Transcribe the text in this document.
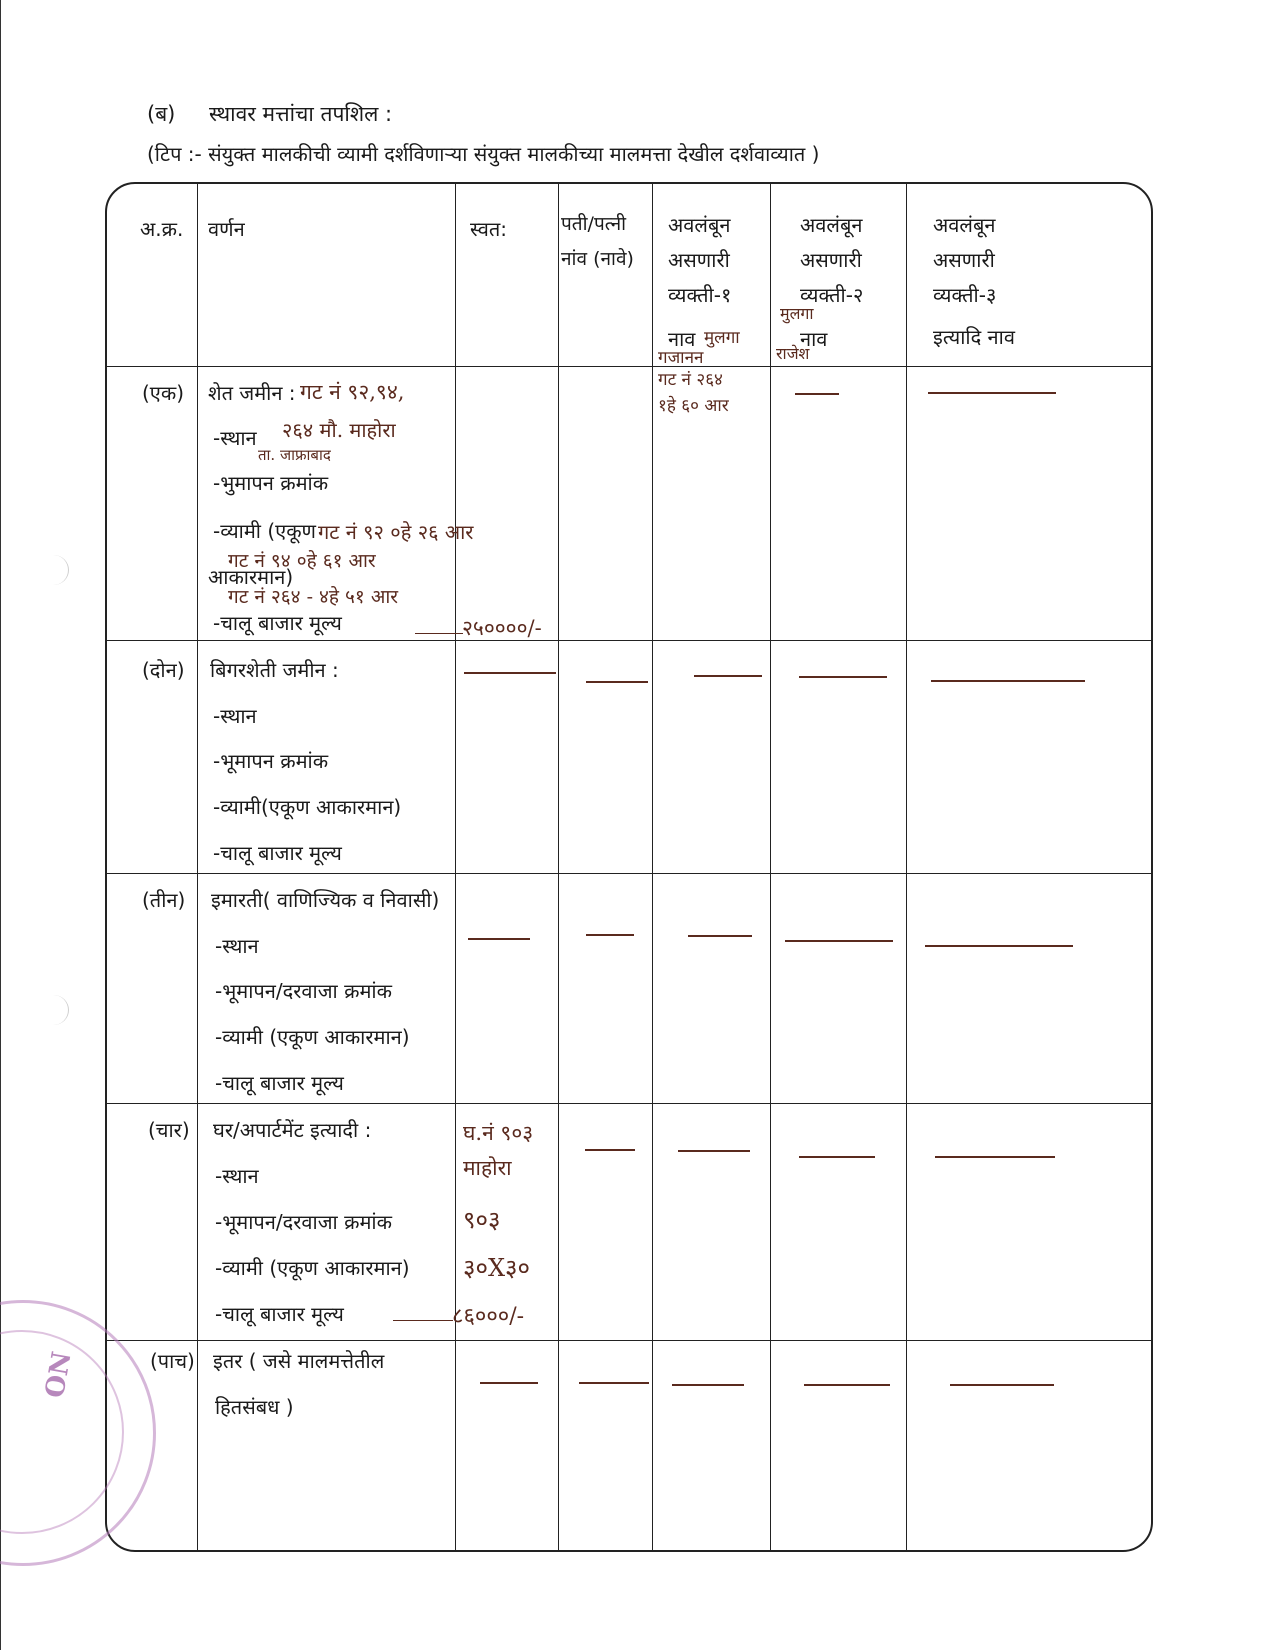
(ब) स्थावर मत्तांचा तपशिल :
(टिप :- संयुक्त मालकीची व्यामी दर्शविणाऱ्या संयुक्त मालकीच्या मालमत्ता देखील दर्शवाव्यात )
अ.क्र. वर्णन	स्वत:	पती/पत्नी
नांव (नावे)
अवलंबून
असणारी
व्यक्ती-१
नाव
अवलंबून
असणारी
व्यक्ती-२
नाव
अवलंबून
असणारी
व्यक्ती-३
इत्यादि नाव
(एक) शेत जमीन :
-स्थान
-भुमापन क्रमांक
-व्यामी (एकूण
आकारमान)
-चालू बाजार मूल्य
(दोन) बिगरशेती जमीन :
-स्थान
-भूमापन क्रमांक
-व्यामी(एकूण आकारमान)
-चालू बाजार मूल्य
(तीन) इमारती( वाणिज्यिक व निवासी)
-स्थान
-भूमापन/दरवाजा क्रमांक
-व्यामी (एकूण आकारमान)
-चालू बाजार मूल्य
(चार) घर/अपार्टमेंट इत्यादी :
-स्थान
-भूमापन/दरवाजा क्रमांक
-व्यामी (एकूण आकारमान)
-चालू बाजार मूल्य
(पाच) इतर ( जसे मालमत्तेतील
हितसंबध )
गट नं ९२,९४,
२६४ मौ. माहोरा
ता. जाफ्राबाद
गट नं ९२ ०हे २६ आर
गट नं ९४ ०हे ६१ आर
गट नं २६४ - ४हे ५१ आर
२५००००/-
मुलगा
गजानन
गट नं २६४
१हे ६० आर
मुलगा
राजेश
घ.नं ९०३
माहोरा
९०३
३०X३०
८६०००/-
ON
